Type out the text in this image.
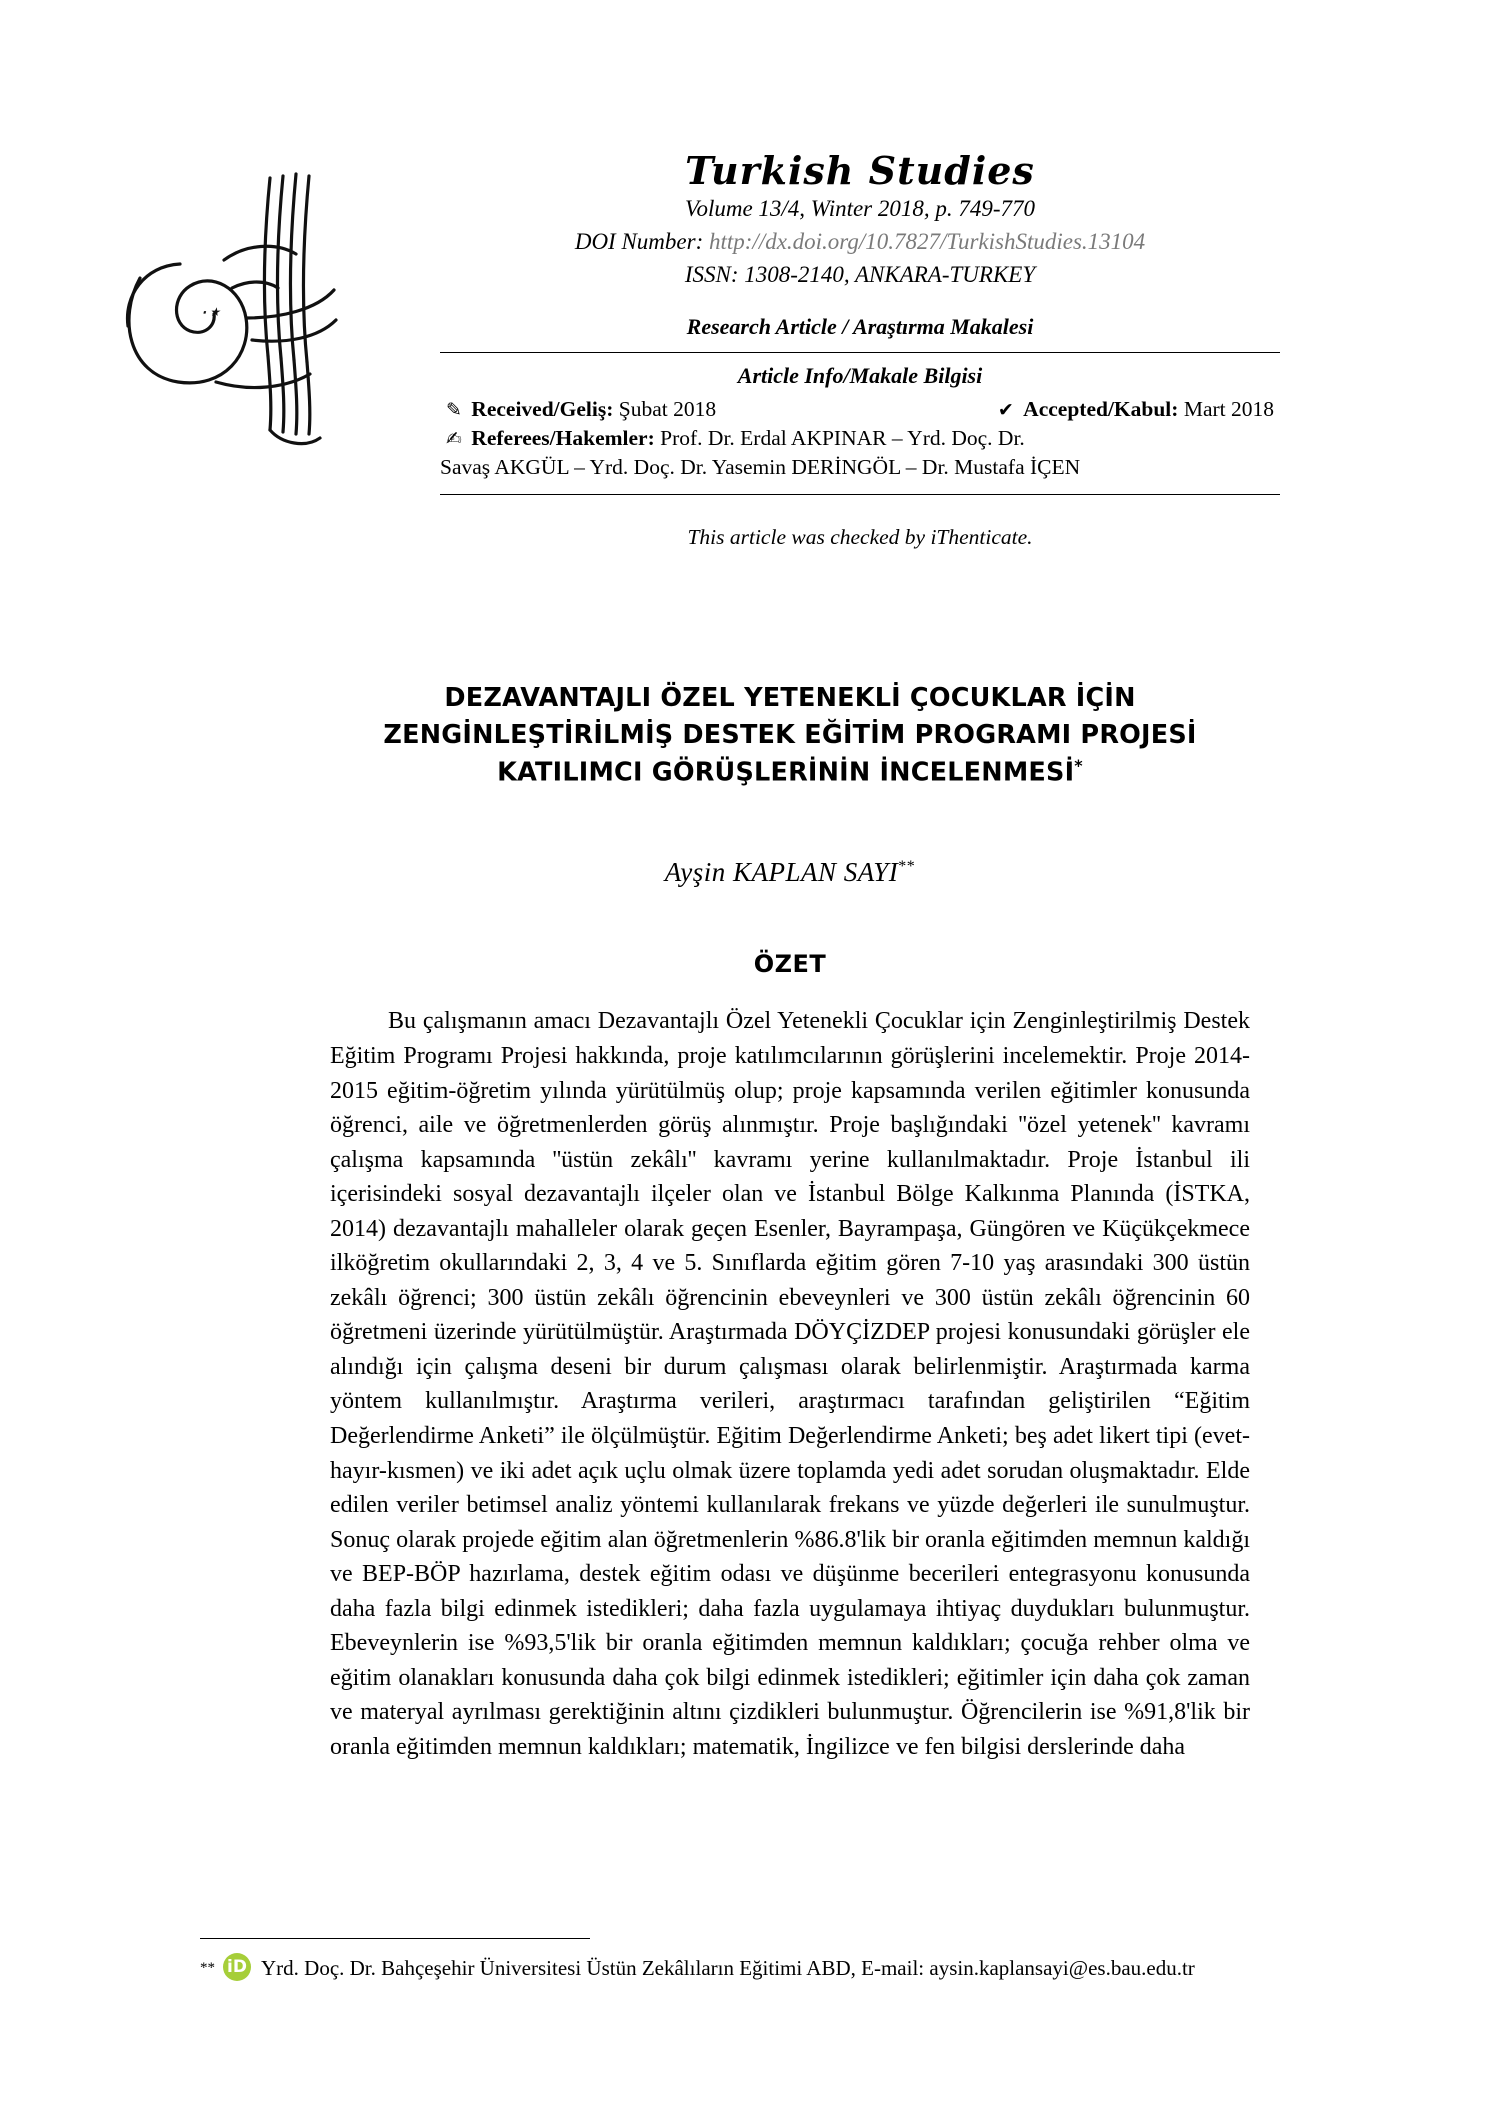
٭٠
Turkish Studies
Volume 13/4, Winter 2018, p. 749-770
DOI Number: http://dx.doi.org/10.7827/TurkishStudies.13104
ISSN: 1308-2140, ANKARA-TURKEY
Research Article / Araştırma Makalesi
Article Info/Makale Bilgisi
✎ Received/Geliş: Şubat 2018	✔ Accepted/Kabul: Mart 2018
✍ Referees/Hakemler: Prof. Dr. Erdal AKPINAR – Yrd. Doç. Dr.
Savaş AKGÜL – Yrd. Doç. Dr. Yasemin DERİNGÖL – Dr. Mustafa İÇEN
This article was checked by iThenticate.
DEZAVANTAJLI ÖZEL YETENEKLİ ÇOCUKLAR İÇİN
ZENGİNLEŞTİRİLMİŞ DESTEK EĞİTİM PROGRAMI PROJESİ
KATILIMCI GÖRÜŞLERİNİN İNCELENMESİ*
Ayşin KAPLAN SAYI**
ÖZET

Bu çalışmanın amacı Dezavantajlı Özel Yetenekli Çocuklar için Zenginleştirilmiş Destek Eğitim Programı Projesi hakkında, proje katılımcılarının görüşlerini incelemektir. Proje 2014-2015 eğitim-öğretim yılında yürütülmüş olup; proje kapsamında verilen eğitimler konusunda öğrenci, aile ve öğretmenlerden görüş alınmıştır. Proje başlığındaki ''özel yetenek'' kavramı çalışma kapsamında ''üstün zekâlı'' kavramı yerine kullanılmaktadır. Proje İstanbul ili içerisindeki sosyal dezavantajlı ilçeler olan ve İstanbul Bölge Kalkınma Planında (İSTKA, 2014) dezavantajlı mahalleler olarak geçen Esenler, Bayrampaşa, Güngören ve Küçükçekmece ilköğretim okullarındaki 2, 3, 4 ve 5. Sınıflarda eğitim gören 7-10 yaş arasındaki 300 üstün zekâlı öğrenci; 300 üstün zekâlı öğrencinin ebeveynleri ve 300 üstün zekâlı öğrencinin 60 öğretmeni üzerinde yürütülmüştür. Araştırmada DÖYÇİZDEP projesi konusundaki görüşler ele alındığı için çalışma deseni bir durum çalışması olarak belirlenmiştir. Araştırmada karma yöntem kullanılmıştır. Araştırma verileri, araştırmacı tarafından geliştirilen “Eğitim Değerlendirme Anketi” ile ölçülmüştür. Eğitim Değerlendirme Anketi; beş adet likert tipi (evet-hayır-kısmen) ve iki adet açık uçlu olmak üzere toplamda yedi adet sorudan oluşmaktadır. Elde edilen veriler betimsel analiz yöntemi kullanılarak frekans ve yüzde değerleri ile sunulmuştur. Sonuç olarak projede eğitim alan öğretmenlerin %86.8'lik bir oranla eğitimden memnun kaldığı ve BEP-BÖP hazırlama, destek eğitim odası ve düşünme becerileri entegrasyonu konusunda daha fazla bilgi edinmek istedikleri; daha fazla uygulamaya ihtiyaç duydukları bulunmuştur. Ebeveynlerin ise %93,5'lik bir oranla eğitimden memnun kaldıkları; çocuğa rehber olma ve eğitim olanakları konusunda daha çok bilgi edinmek istedikleri; eğitimler için daha çok zaman ve materyal ayrılması gerektiğinin altını çizdikleri bulunmuştur. Öğrencilerin ise %91,8'lik bir oranla eğitimden memnun kaldıkları; matematik, İngilizce ve fen bilgisi derslerinde daha

** iD Yrd. Doç. Dr. Bahçeşehir Üniversitesi Üstün Zekâlıların Eğitimi ABD, E-mail: aysin.kaplansayi@es.bau.edu.tr
